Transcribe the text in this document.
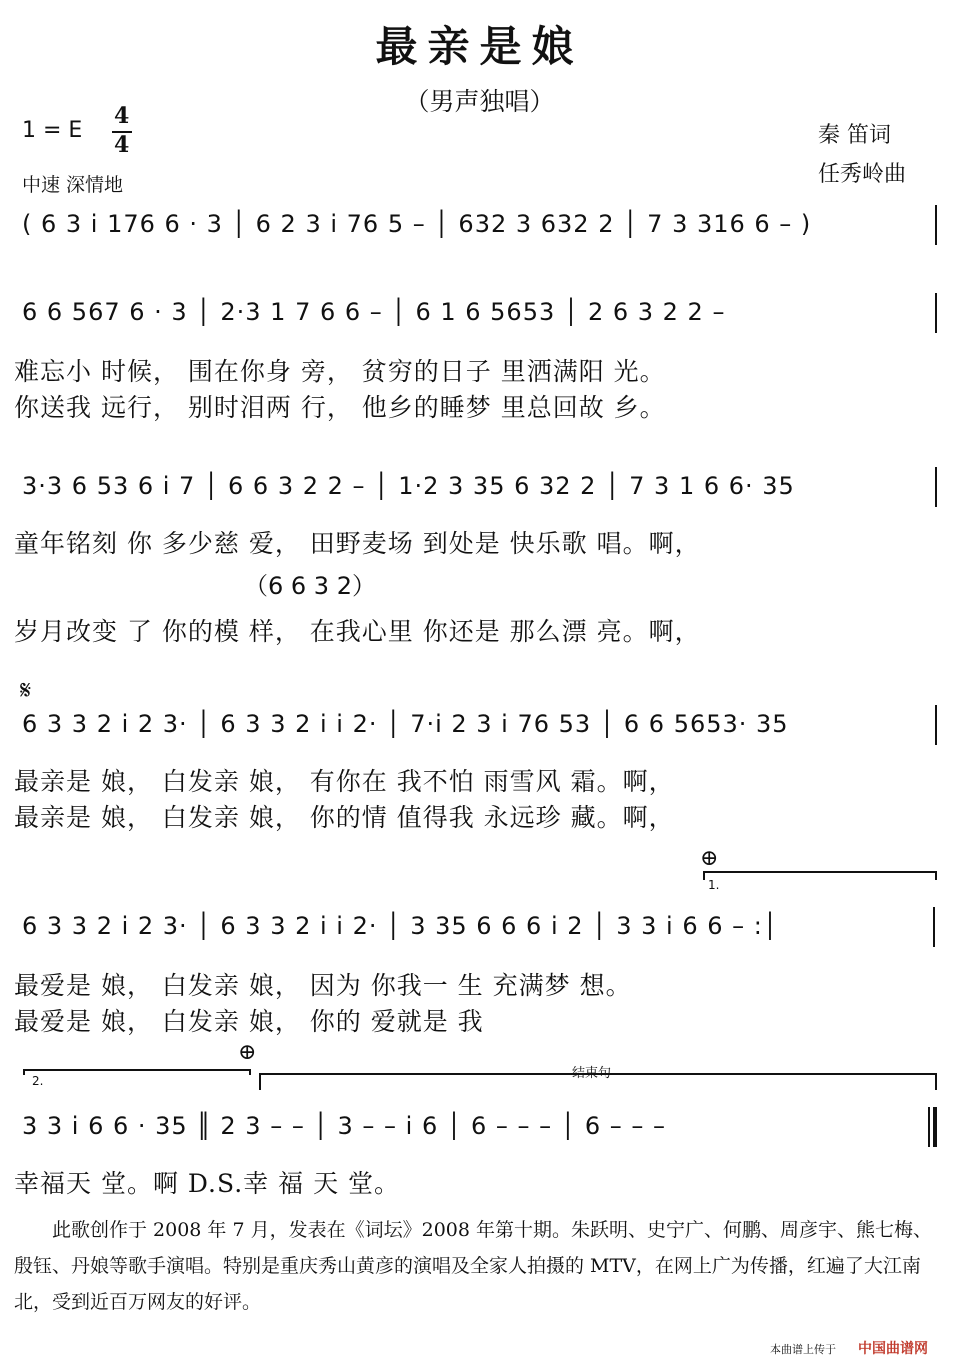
最亲是娘
（男声独唱）
1 = E
4
4
中速 深情地
秦 笛词
任秀岭曲
( 6 3 i 176 6 · 3 │ 6 2 3 i 76 5 – │ 632 3 632 2 │ 7 3 316 6 – )
6 6 567 6 · 3 │ 2·3 1 7 6 6 – │ 6 1 6 5653 │ 2 6 3 2 2 –
难忘小 时候， 围在你身 旁， 贫穷的日子 里洒满阳 光。
你送我 远行， 别时泪两 行， 他乡的睡梦 里总回故 乡。
3·3 6 53 6 i 7 │ 6 6 3 2 2 – │ 1·2 3 35 6 32 2 │ 7 3 1 6 6· 35
童年铭刻 你 多少慈 爱， 田野麦场 到处是 快乐歌 唱。啊，
（6 6 3 2）
岁月改变 了 你的模 样， 在我心里 你还是 那么漂 亮。啊，
𝄋
6 3 3 2 i 2 3· │ 6 3 3 2 i i 2· │ 7·i 2 3 i 76 53 │ 6 6 5653· 35
最亲是 娘， 白发亲 娘， 有你在 我不怕 雨雪风 霜。啊，
最亲是 娘， 白发亲 娘， 你的情 值得我 永远珍 藏。啊，
⊕
1.
6 3 3 2 i 2 3· │ 6 3 3 2 i i 2· │ 3 35 6 6 6 i 2 │ 3 3 i 6 6 – :│
最爱是 娘， 白发亲 娘， 因为 你我一 生 充满梦 想。
最爱是 娘， 白发亲 娘， 你的 爱就是 我
⊕
2.	结束句
3 3 i 6 6 · 35 ║ 2 3 – – │ 3 – – i 6 │ 6 – – – │ 6 – – –
幸福天 堂。啊 D.S.幸 福 天 堂。
此歌创作于 2008 年 7 月，发表在《词坛》2008 年第十期。朱跃明、史宁广、何鹏、周彦宇、熊七梅、殷钰、丹娘等歌手演唱。特别是重庆秀山黄彦的演唱及全家人拍摄的 MTV，在网上广为传播，红遍了大江南北，受到近百万网友的好评。
本曲谱上传于 中国曲谱网
